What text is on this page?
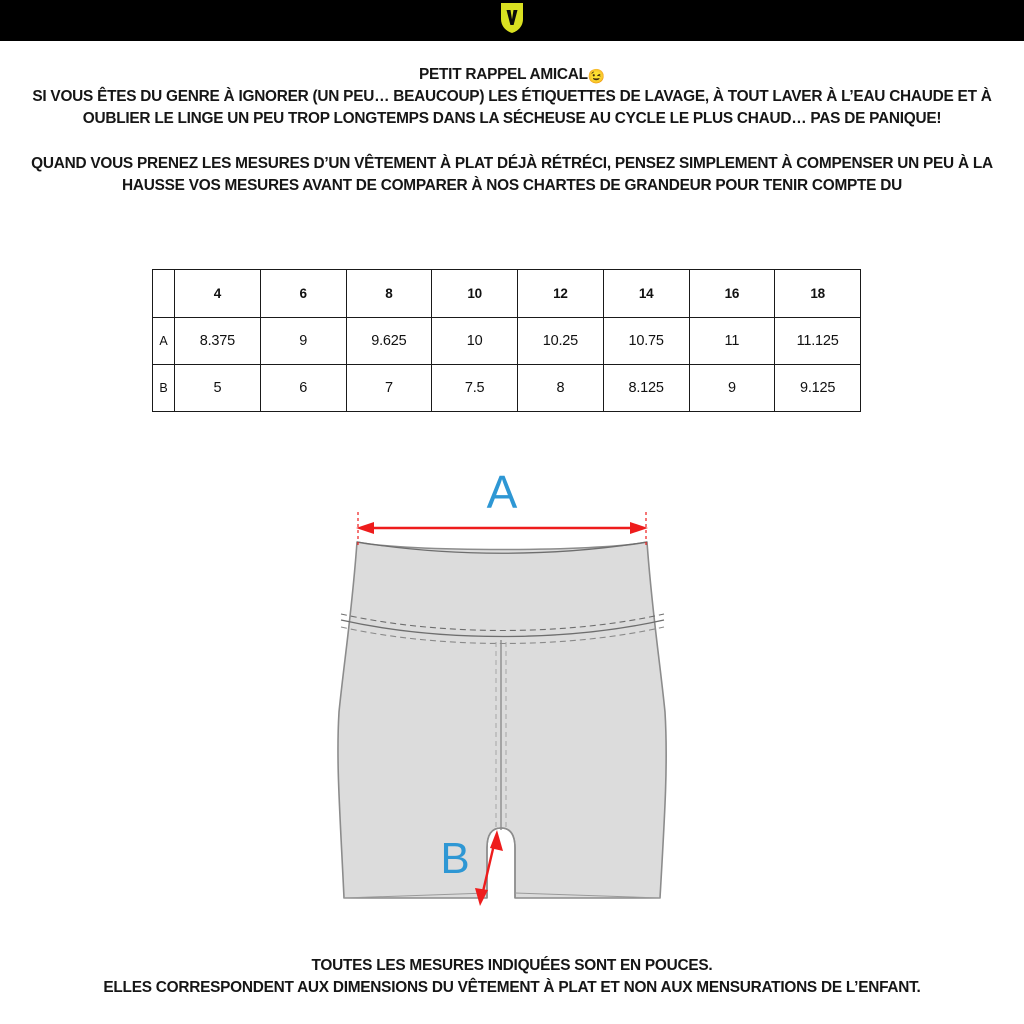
PETIT RAPPEL AMICAL😉

SI VOUS ÊTES DU GENRE À IGNORER (UN PEU… BEAUCOUP) LES ÉTIQUETTES DE LAVAGE, À TOUT LAVER À L’EAU CHAUDE ET À OUBLIER LE LINGE UN PEU TROP LONGTEMPS DANS LA SÉCHEUSE AU CYCLE LE PLUS CHAUD… PAS DE PANIQUE!

QUAND VOUS PRENEZ LES MESURES D’UN VÊTEMENT À PLAT DÉJÀ RÉTRÉCI, PENSEZ SIMPLEMENT À COMPENSER UN PEU À LA HAUSSE VOS MESURES AVANT DE COMPARER À NOS CHARTES DE GRANDEUR POUR TENIR COMPTE DU

	4	6	8	10	12	14	16	18
A	8.375	9	9.625	10	10.25	10.75	11	11.125
B	5	6	7	7.5	8	8.125	9	9.125
A
B

TOUTES LES MESURES INDIQUÉES SONT EN POUCES.

ELLES CORRESPONDENT AUX DIMENSIONS DU VÊTEMENT À PLAT ET NON AUX MENSURATIONS DE L’ENFANT.
